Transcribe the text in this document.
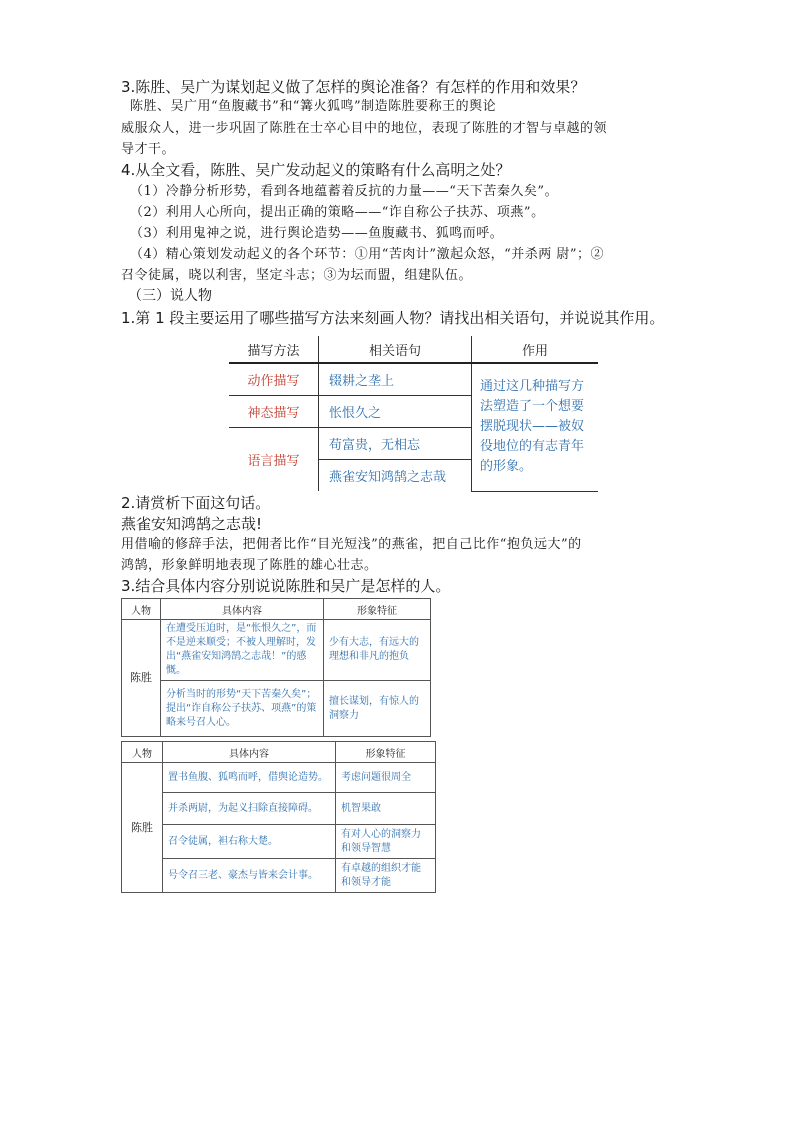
3.陈胜、吴广为谋划起义做了怎样的舆论准备？有怎样的作用和效果？
陈胜、吴广用“鱼腹藏书”和“篝火狐鸣”制造陈胜要称王的舆论
威服众人，进一步巩固了陈胜在士卒心目中的地位，表现了陈胜的才智与卓越的领
导才干。
4.从全文看，陈胜、吴广发动起义的策略有什么高明之处？
（1）冷静分析形势，看到各地蕴蓄着反抗的力量——“天下苦秦久矣”。
（2）利用人心所向，提出正确的策略——“诈自称公子扶苏、项燕”。
（3）利用鬼神之说，进行舆论造势——鱼腹藏书、狐鸣而呼。
（4）精心策划发动起义的各个环节：①用“苦肉计”激起众怒，“并杀两 尉”；②
召令徒属，晓以利害，坚定斗志；③为坛而盟，组建队伍。
（三）说人物
1.第 1 段主要运用了哪些描写方法来刻画人物？请找出相关语句，并说说其作用。
描写方法	相关语句	作用
动作描写	辍耕之垄上	通过这几种描写方法塑造了一个想要摆脱现状——被奴役地位的有志青年的形象。
神态描写	怅恨久之	
语言描写	苟富贵，无相忘	
	燕雀安知鸿鹄之志哉	
2.请赏析下面这句话。
燕雀安知鸿鹄之志哉!
用借喻的修辞手法，把佣者比作“目光短浅”的燕雀，把自己比作“抱负远大”的
鸿鹄，形象鲜明地表现了陈胜的雄心壮志。
3.结合具体内容分别说说陈胜和吴广是怎样的人。
人物	具体内容	形象特征
陈胜	在遭受压迫时，是“怅恨久之”，而不是逆来顺受；不被人理解时，发出“燕雀安知鸿鹄之志哉！”的感慨。	少有大志，有远大的理想和非凡的抱负
	分析当时的形势“天下苦秦久矣”；提出“诈自称公子扶苏、项燕”的策略来号召人心。	擅长谋划，有惊人的洞察力
人物	具体内容	形象特征
陈胜	置书鱼腹、狐鸣而呼，借舆论造势。	考虑问题很周全
	并杀两尉，为起义扫除直接障碍。	机智果敢
	召令徒属，袒右称大楚。	有对人心的洞察力和领导智慧
	号令召三老、豪杰与皆来会计事。	有卓越的组织才能和领导才能
